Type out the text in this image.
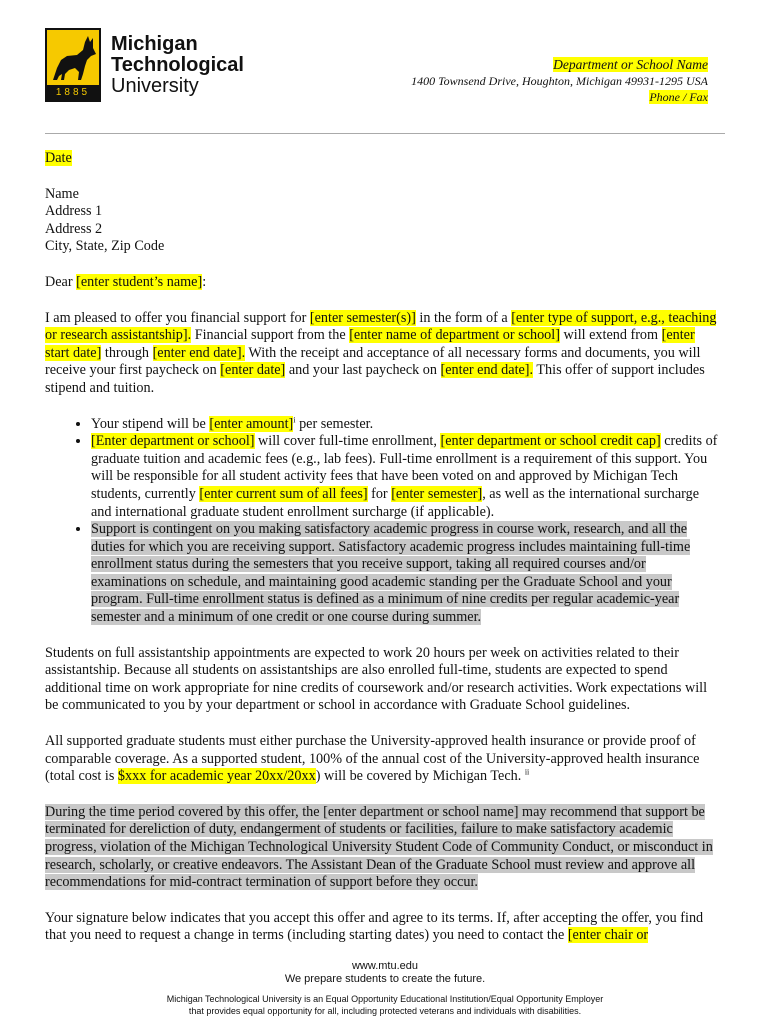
1885
Michigan
Technological
University
Department or School Name
1400 Townsend Drive, Houghton, Michigan 49931-1295 USA
Phone / Fax

Date

Name
Address 1
Address 2
City, State, Zip Code

Dear [enter student’s name]:

I am pleased to offer you financial support for [enter semester(s)] in the form of a [enter type of support, e.g., teaching or research assistantship]. Financial support from the [enter name of department or school] will extend from [enter start date] through [enter end date]. With the receipt and acceptance of all necessary forms and documents, you will receive your first paycheck on [enter date] and your last paycheck on [enter end date]. This offer of support includes stipend and tuition.

• Your stipend will be [enter amount]$^i$ per semester.
• [Enter department or school] will cover full-time enrollment, [enter department or school credit cap] credits of graduate tuition and academic fees (e.g., lab fees). Full-time enrollment is a requirement of this support. You will be responsible for all student activity fees that have been voted on and approved by Michigan Tech students, currently [enter current sum of all fees] for [enter semester], as well as the international surcharge and international graduate student enrollment surcharge (if applicable).
• Support is contingent on you making satisfactory academic progress in course work, research, and all the duties for which you are receiving support. Satisfactory academic progress includes maintaining full-time enrollment status during the semesters that you receive support, taking all required courses and/or examinations on schedule, and maintaining good academic standing per the Graduate School and your program. Full-time enrollment status is defined as a minimum of nine credits per regular academic-year semester and a minimum of one credit or one course during summer.

Students on full assistantship appointments are expected to work 20 hours per week on activities related to their assistantship. Because all students on assistantships are also enrolled full-time, students are expected to spend additional time on work appropriate for nine credits of coursework and/or research activities. Work expectations will be communicated to you by your department or school in accordance with Graduate School guidelines.

All supported graduate students must either purchase the University-approved health insurance or provide proof of comparable coverage. As a supported student, 100% of the annual cost of the University-approved health insurance (total cost is $xxx for academic year 20xx/20xx) will be covered by Michigan Tech. $^{ii}$

During the time period covered by this offer, the [enter department or school name] may recommend that support be terminated for dereliction of duty, endangerment of students or facilities, failure to make satisfactory academic progress, violation of the Michigan Technological University Student Code of Community Conduct, or misconduct in research, scholarly, or creative endeavors. The Assistant Dean of the Graduate School must review and approve all recommendations for mid-contract termination of support before they occur.

Your signature below indicates that you accept this offer and agree to its terms. If, after accepting the offer, you find that you need to request a change in terms (including starting dates) you need to contact the [enter chair or

www.mtu.edu
We prepare students to create the future.
Michigan Technological University is an Equal Opportunity Educational Institution/Equal Opportunity Employer
that provides equal opportunity for all, including protected veterans and individuals with disabilities.
